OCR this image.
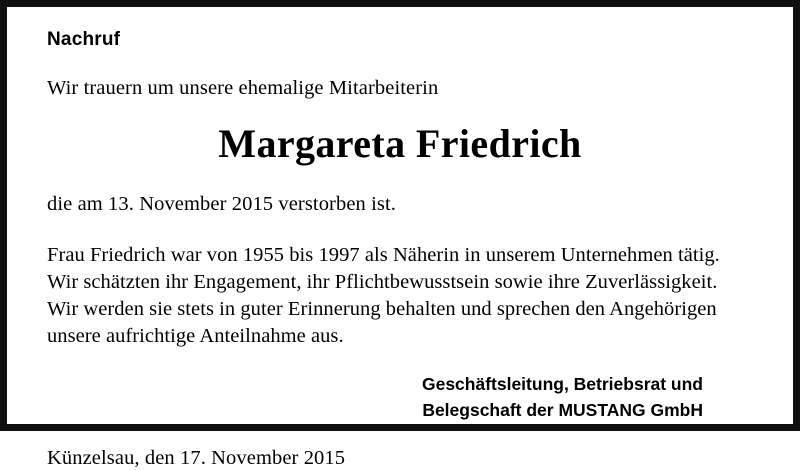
Nachruf
Wir trauern um unsere ehemalige Mitarbeiterin
Margareta Friedrich
die am 13. November 2015 verstorben ist.
Frau Friedrich war von 1955 bis 1997 als Näherin in unserem Unternehmen tätig.
Wir schätzten ihr Engagement, ihr Pflichtbewusstsein sowie ihre Zuverlässigkeit.
Wir werden sie stets in guter Erinnerung behalten und sprechen den Angehörigen
unsere aufrichtige Anteilnahme aus.
Geschäftsleitung, Betriebsrat und
Belegschaft der MUSTANG GmbH
Künzelsau, den 17. November 2015
